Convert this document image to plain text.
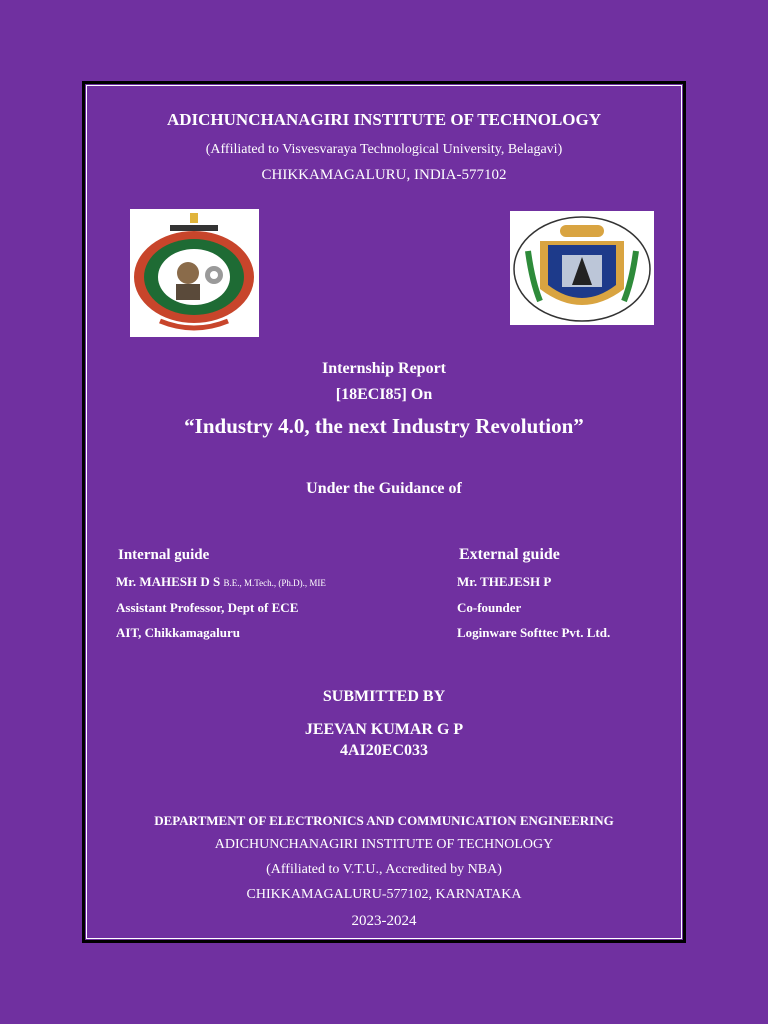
ADICHUNCHANAGIRI INSTITUTE OF TECHNOLOGY
(Affiliated to Visvesvaraya Technological University, Belagavi)
CHIKKAMAGALURU, INDIA-577102
Internship Report
[18ECI85] On
“Industry 4.0, the next Industry Revolution”
Under the Guidance of
Internal guide
Mr. MAHESH D S B.E., M.Tech., (Ph.D)., MIE
Assistant Professor, Dept of ECE
AIT, Chikkamagaluru
External guide
Mr. THEJESH P
Co-founder
Loginware Softtec Pvt. Ltd.
SUBMITTED BY
JEEVAN KUMAR G P
4AI20EC033
DEPARTMENT OF ELECTRONICS AND COMMUNICATION ENGINEERING
ADICHUNCHANAGIRI INSTITUTE OF TECHNOLOGY
(Affiliated to V.T.U., Accredited by NBA)
CHIKKAMAGALURU-577102, KARNATAKA
2023-2024
